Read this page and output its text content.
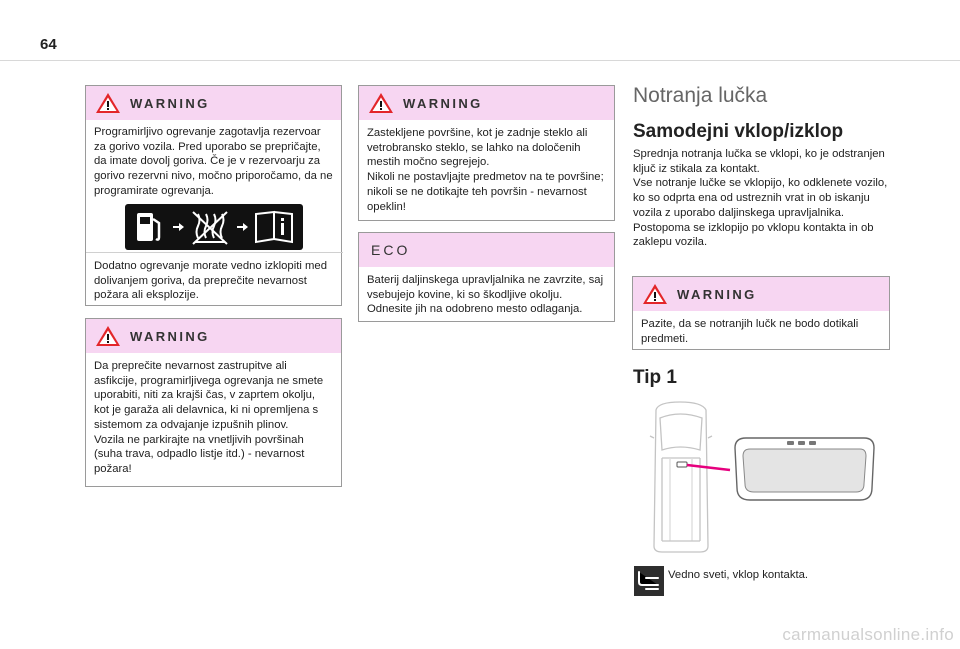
64
WARNING
Programirljivo ogrevanje zagotavlja rezervoar za gorivo vozila. Pred uporabo se prepričajte, da imate dovolj goriva. Če je v rezervoarju za gorivo rezervni nivo, močno priporočamo, da ne programirate ogrevanja.
Dodatno ogrevanje morate vedno izklopiti med dolivanjem goriva, da preprečite nevarnost požara ali eksplozije.
WARNING
Da preprečite nevarnost zastrupitve ali asfikcije, programirljivega ogrevanja ne smete uporabiti, niti za krajši čas, v zaprtem okolju, kot je garaža ali delavnica, ki ni opremljena s sistemom za odvajanje izpušnih plinov.
Vozila ne parkirajte na vnetljivih površinah (suha trava, odpadlo listje itd.) - nevarnost požara!
WARNING
Zastekljene površine, kot je zadnje steklo ali vetrobransko steklo, se lahko na določenih mestih močno segrejejo.
Nikoli ne postavljajte predmetov na te površine; nikoli se ne dotikajte teh površin - nevarnost opeklin!
ECO
Baterij daljinskega upravljalnika ne zavrzite, saj vsebujejo kovine, ki so škodljive okolju. Odnesite jih na odobreno mesto odlaganja.
Notranja lučka
Samodejni vklop/izklop
Sprednja notranja lučka se vklopi, ko je odstranjen ključ iz stikala za kontakt.
Vse notranje lučke se vklopijo, ko odklenete vozilo, ko so odprta ena od ustreznih vrat in ob iskanju vozila z uporabo daljinskega upravljalnika.
Postopoma se izklopijo po vklopu kontakta in ob zaklepu vozila.
WARNING
Pazite, da se notranjih lučk ne bodo dotikali predmeti.
Tip 1
Vedno sveti, vklop kontakta.
carmanualsonline.info
